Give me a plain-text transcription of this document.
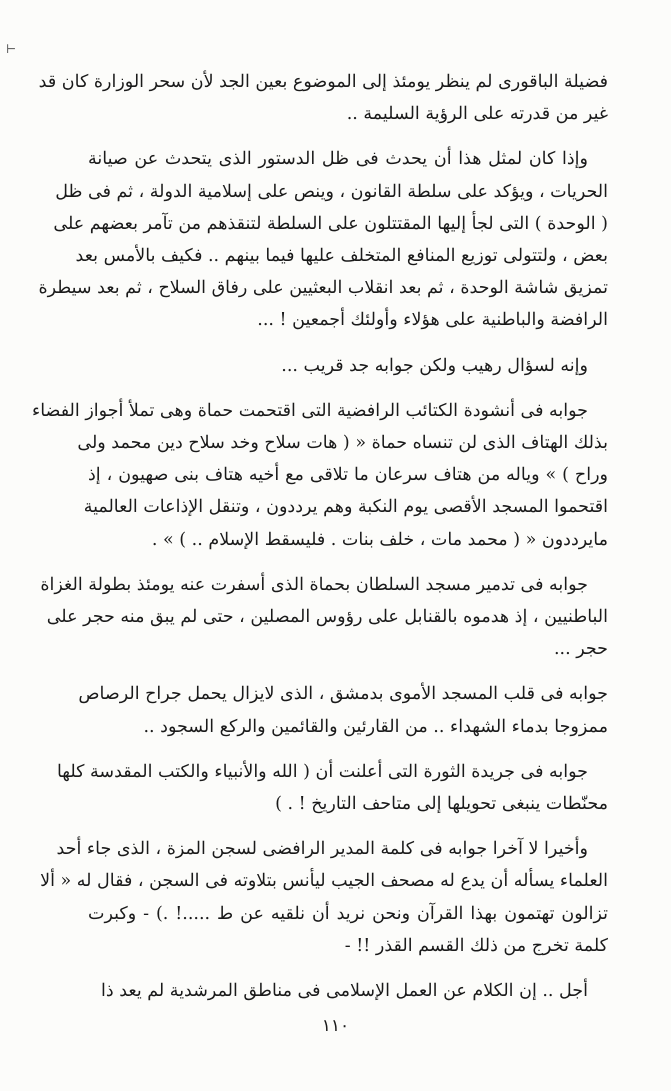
⊢
فضيلة الباقورى لم ينظر يومئذ إلى الموضوع بعين الجد لأن سحر الوزارة كان قد
غير من قدرته على الرؤية السليمة ..
وإذا كان لمثل هذا أن يحدث فى ظل الدستور الذى يتحدث عن صيانة
الحريات ، ويؤكد على سلطة القانون ، وينص على إسلامية الدولة ، ثم فى ظل
( الوحدة ) التى لجأ إليها المقتتلون على السلطة لتنقذهم من تآمر بعضهم على
بعض ، ولتتولى توزيع المنافع المتخلف عليها فيما بينهم .. فكيف بالأمس بعد
تمزيق شاشة الوحدة ، ثم بعد انقلاب البعثيين على رفاق السلاح ، ثم بعد سيطرة
الرافضة والباطنية على هؤلاء وأولئك أجمعين ! ...
وإنه لسؤال رهيب ولكن جوابه جد قريب ...
جوابه فى أنشودة الكتائب الرافضية التى اقتحمت حماة وهى تملأ أجواز الفضاء
بذلك الهتاف الذى لن تنساه حماة « ( هات سلاح وخد سلاح دين محمد ولى
وراح ) » وياله من هتاف سرعان ما تلاقى مع أخيه هتاف بنى صهيون ، إذ
اقتحموا المسجد الأقصى يوم النكبة وهم يرددون ، وتنقل الإذاعات العالمية
مايرددون « ( محمد مات ، خلف بنات . فليسقط الإسلام .. ) » .
جوابه فى تدمير مسجد السلطان بحماة الذى أسفرت عنه يومئذ بطولة الغزاة
الباطنيين ، إذ هدموه بالقنابل على رؤوس المصلين ، حتى لم يبق منه حجر على
حجر ...
جوابه فى قلب المسجد الأموى بدمشق ، الذى لايزال يحمل جراح الرصاص
ممزوجا بدماء الشهداء .. من القارئين والقائمين والركع السجود ..
جوابه فى جريدة الثورة التى أعلنت أن ( الله والأنبياء والكتب المقدسة كلها
محنّطات ينبغى تحويلها إلى متاحف التاريخ ! . )
وأخيرا لا آخرا جوابه فى كلمة المدير الرافضى لسجن المزة ، الذى جاء أحد
العلماء يسأله أن يدع له مصحف الجيب ليأنس بتلاوته فى السجن ، فقال له « ألا
تزالون تهتمون بهذا القرآن ونحن نريد أن نلقيه عن ط .....! .) - وكبرت
كلمة تخرج من ذلك القسم القذر !! -
أجل .. إن الكلام عن العمل الإسلامى فى مناطق المرشدية لم يعد ذا
١١٠
